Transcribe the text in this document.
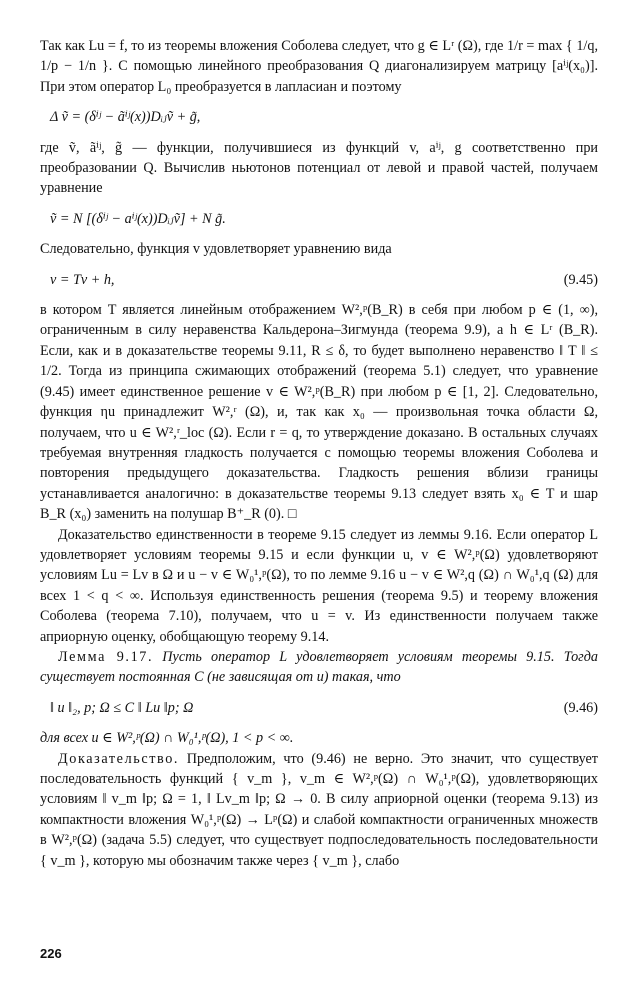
Так как Lu = f, то из теоремы вложения Соболева следует, что g ∈ Lʳ (Ω), где 1/r = max { 1/q, 1/p − 1/n }. С помощью линейного преобразования Q диагонализируем матрицу [aⁱʲ(x₀)]. При этом оператор L₀ преобразуется в лапласиан и поэтому

Δ ṽ = (δⁱʲ − ãⁱʲ(x))Dᵢⱼṽ + g̃,

где ṽ, ãⁱʲ, g̃ — функции, получившиеся из функций v, aⁱʲ, g соответственно при преобразовании Q. Вычислив ньютонов потенциал от левой и правой частей, получаем уравнение

ṽ = N [(δⁱʲ − aⁱʲ(x))Dᵢⱼṽ] + N g̃.

Следовательно, функция v удовлетворяет уравнению вида

v = Tv + h,	(9.45)

в котором T является линейным отображением W²,ᵖ(B_R) в себя при любом p ∈ (1, ∞), ограниченным в силу неравенства Кальдерона–Зигмунда (теорема 9.9), а h ∈ Lʳ (B_R). Если, как и в доказательстве теоремы 9.11, R ≤ δ, то будет выполнено неравенство ‖ T ‖ ≤ 1/2. Тогда из принципа сжимающих отображений (теорема 5.1) следует, что уравнение (9.45) имеет единственное решение v ∈ W²,ᵖ(B_R) при любом p ∈ [1, 2]. Следовательно, функция ηu принадлежит W²,ʳ (Ω), и, так как x₀ — произвольная точка области Ω, получаем, что u ∈ W²,ʳ_loc (Ω). Если r = q, то утверждение доказано. В остальных случаях требуемая внутренняя гладкость получается с помощью теоремы вложения Соболева и повторения предыдущего доказательства. Гладкость решения вблизи границы устанавливается аналогично: в доказательстве теоремы 9.13 следует взять x₀ ∈ T и шар B_R (x₀) заменить на полушар B⁺_R (0). □

Доказательство единственности в теореме 9.15 следует из леммы 9.16. Если оператор L удовлетворяет условиям теоремы 9.15 и если функции u, v ∈ W²,ᵖ(Ω) удовлетворяют условиям Lu = Lv в Ω и u − v ∈ W₀¹,ᵖ(Ω), то по лемме 9.16 u − v ∈ W²,q (Ω) ∩ W₀¹,q (Ω) для всех 1 < q < ∞. Используя единственность решения (теорема 9.5) и теорему вложения Соболева (теорема 7.10), получаем, что u = v. Из единственности получаем также априорную оценку, обобщающую теорему 9.14.

Лемма 9.17. Пусть оператор L удовлетворяет условиям теоремы 9.15. Тогда существует постоянная C (не зависящая от u) такая, что

‖ u ‖₂, p; Ω ≤ C ‖ Lu ‖p; Ω	(9.46)

для всех u ∈ W²,ᵖ(Ω) ∩ W₀¹,ᵖ(Ω), 1 < p < ∞.

Доказательство. Предположим, что (9.46) не верно. Это значит, что существует последовательность функций { v_m }, v_m ∈ W²,ᵖ(Ω) ∩ W₀¹,ᵖ(Ω), удовлетворяющих условиям ‖ v_m ‖p; Ω = 1, ‖ Lv_m ‖p; Ω → 0. В силу априорной оценки (теорема 9.13) из компактности вложения W₀¹,ᵖ(Ω) → Lᵖ(Ω) и слабой компактности ограниченных множеств в W²,ᵖ(Ω) (задача 5.5) следует, что существует подпоследовательность последовательности { v_m }, которую мы обозначим также через { v_m }, слабо

226
